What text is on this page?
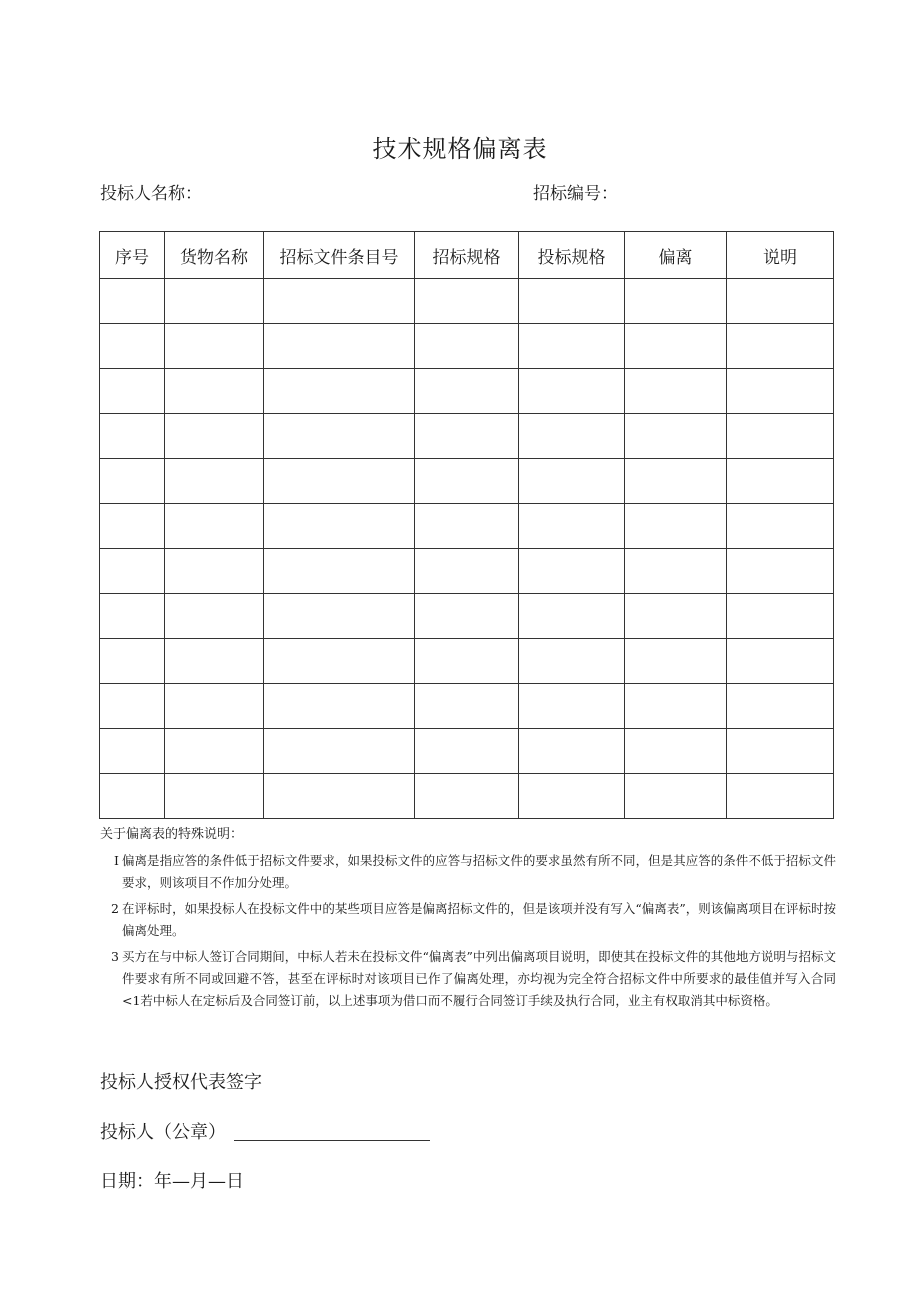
技术规格偏离表
投标人名称：	招标编号：
序号	货物名称	招标文件条目号	招标规格	投标规格	偏离	说明

关于偏离表的特殊说明：
I 偏离是指应答的条件低于招标文件要求，如果投标文件的应答与招标文件的要求虽然有所不同，但是其应答的条件不低于招标文件要求，则该项目不作加分处理。
2 在评标时，如果投标人在投标文件中的某些项目应答是偏离招标文件的，但是该项并没有写入“偏离表”，则该偏离项目在评标时按偏离处理。
3 买方在与中标人签订合同期间，中标人若未在投标文件“偏离表”中列出偏离项目说明，即使其在投标文件的其他地方说明与招标文件要求有所不同或回避不答，甚至在评标时对该项目已作了偏离处理，亦均视为完全符合招标文件中所要求的最佳值并写入合同<1若中标人在定标后及合同签订前，以上述事项为借口而不履行合同签订手续及执行合同，业主有权取消其中标资格。
投标人授权代表签字
投标人（公章）
日期：年—月—日
